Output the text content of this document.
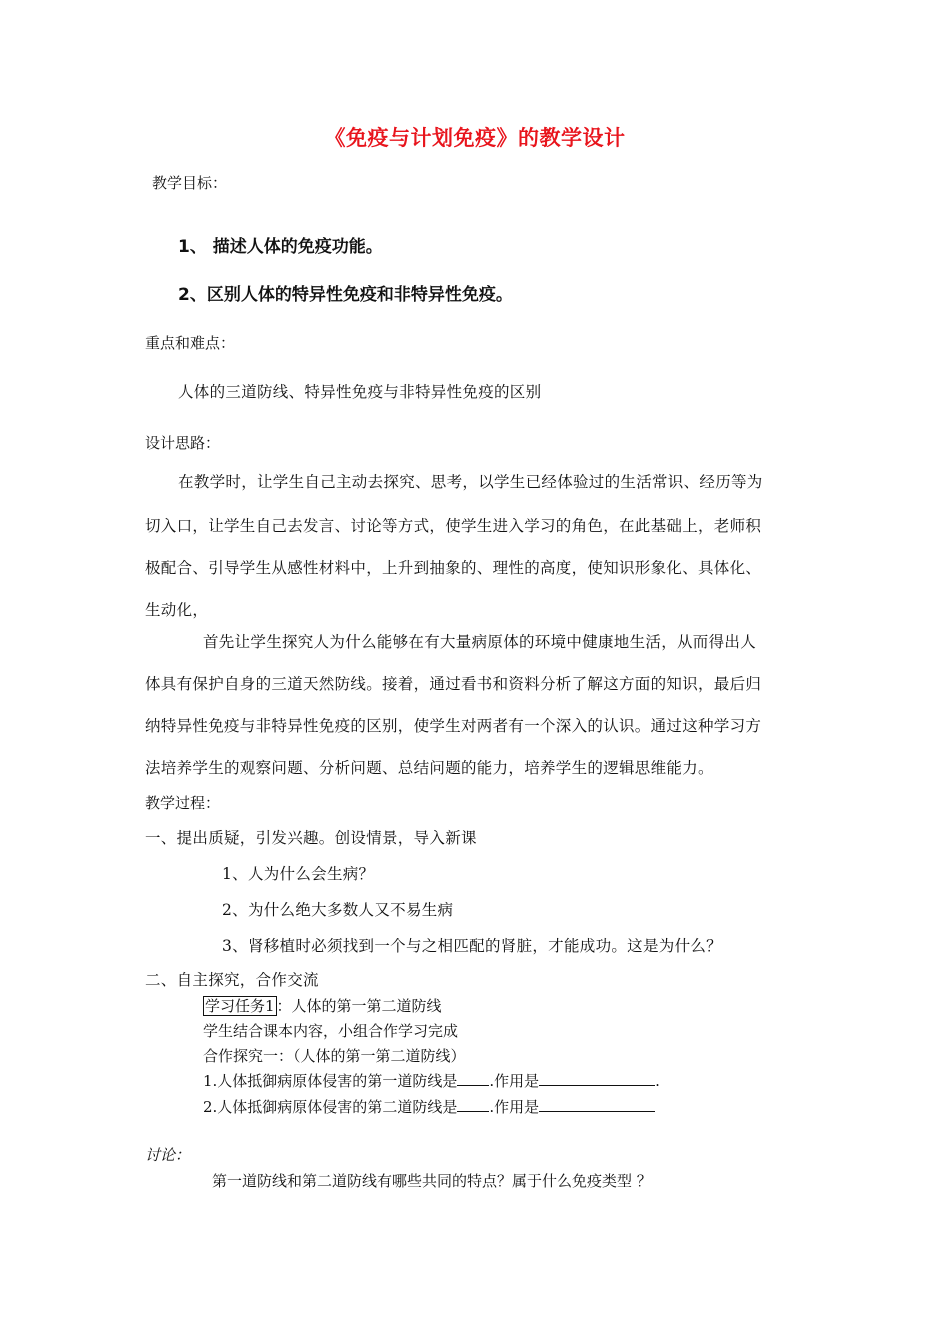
《免疫与计划免疫》的教学设计
教学目标：
1、 描述人体的免疫功能。
2、区别人体的特异性免疫和非特异性免疫。
重点和难点：
人体的三道防线、特异性免疫与非特异性免疫的区别
设计思路：
在教学时，让学生自己主动去探究、思考，以学生已经体验过的生活常识、经历等为
切入口，让学生自己去发言、讨论等方式，使学生进入学习的角色，在此基础上，老师积
极配合、引导学生从感性材料中，上升到抽象的、理性的高度，使知识形象化、具体化、
生动化，
首先让学生探究人为什么能够在有大量病原体的环境中健康地生活，从而得出人
体具有保护自身的三道天然防线。接着，通过看书和资料分析了解这方面的知识，最后归
纳特异性免疫与非特异性免疫的区别，使学生对两者有一个深入的认识。通过这种学习方
法培养学生的观察问题、分析问题、总结问题的能力，培养学生的逻辑思维能力。
教学过程：
一、提出质疑，引发兴趣。创设情景，导入新课
1、人为什么会生病？
2、为什么绝大多数人又不易生病
3、肾移植时必须找到一个与之相匹配的肾脏，才能成功。这是为什么？
二、自主探究，合作交流
学习任务1 ：人体的第一第二道防线
学生结合课本内容，小组合作学习完成
合作探究一：（人体的第一第二道防线）
1.人体抵御病原体侵害的第一道防线是 .作用是	.
2.人体抵御病原体侵害的第二道防线是 .作用是
讨论：
第一道防线和第二道防线有哪些共同的特点？属于什么免疫类型 ？
